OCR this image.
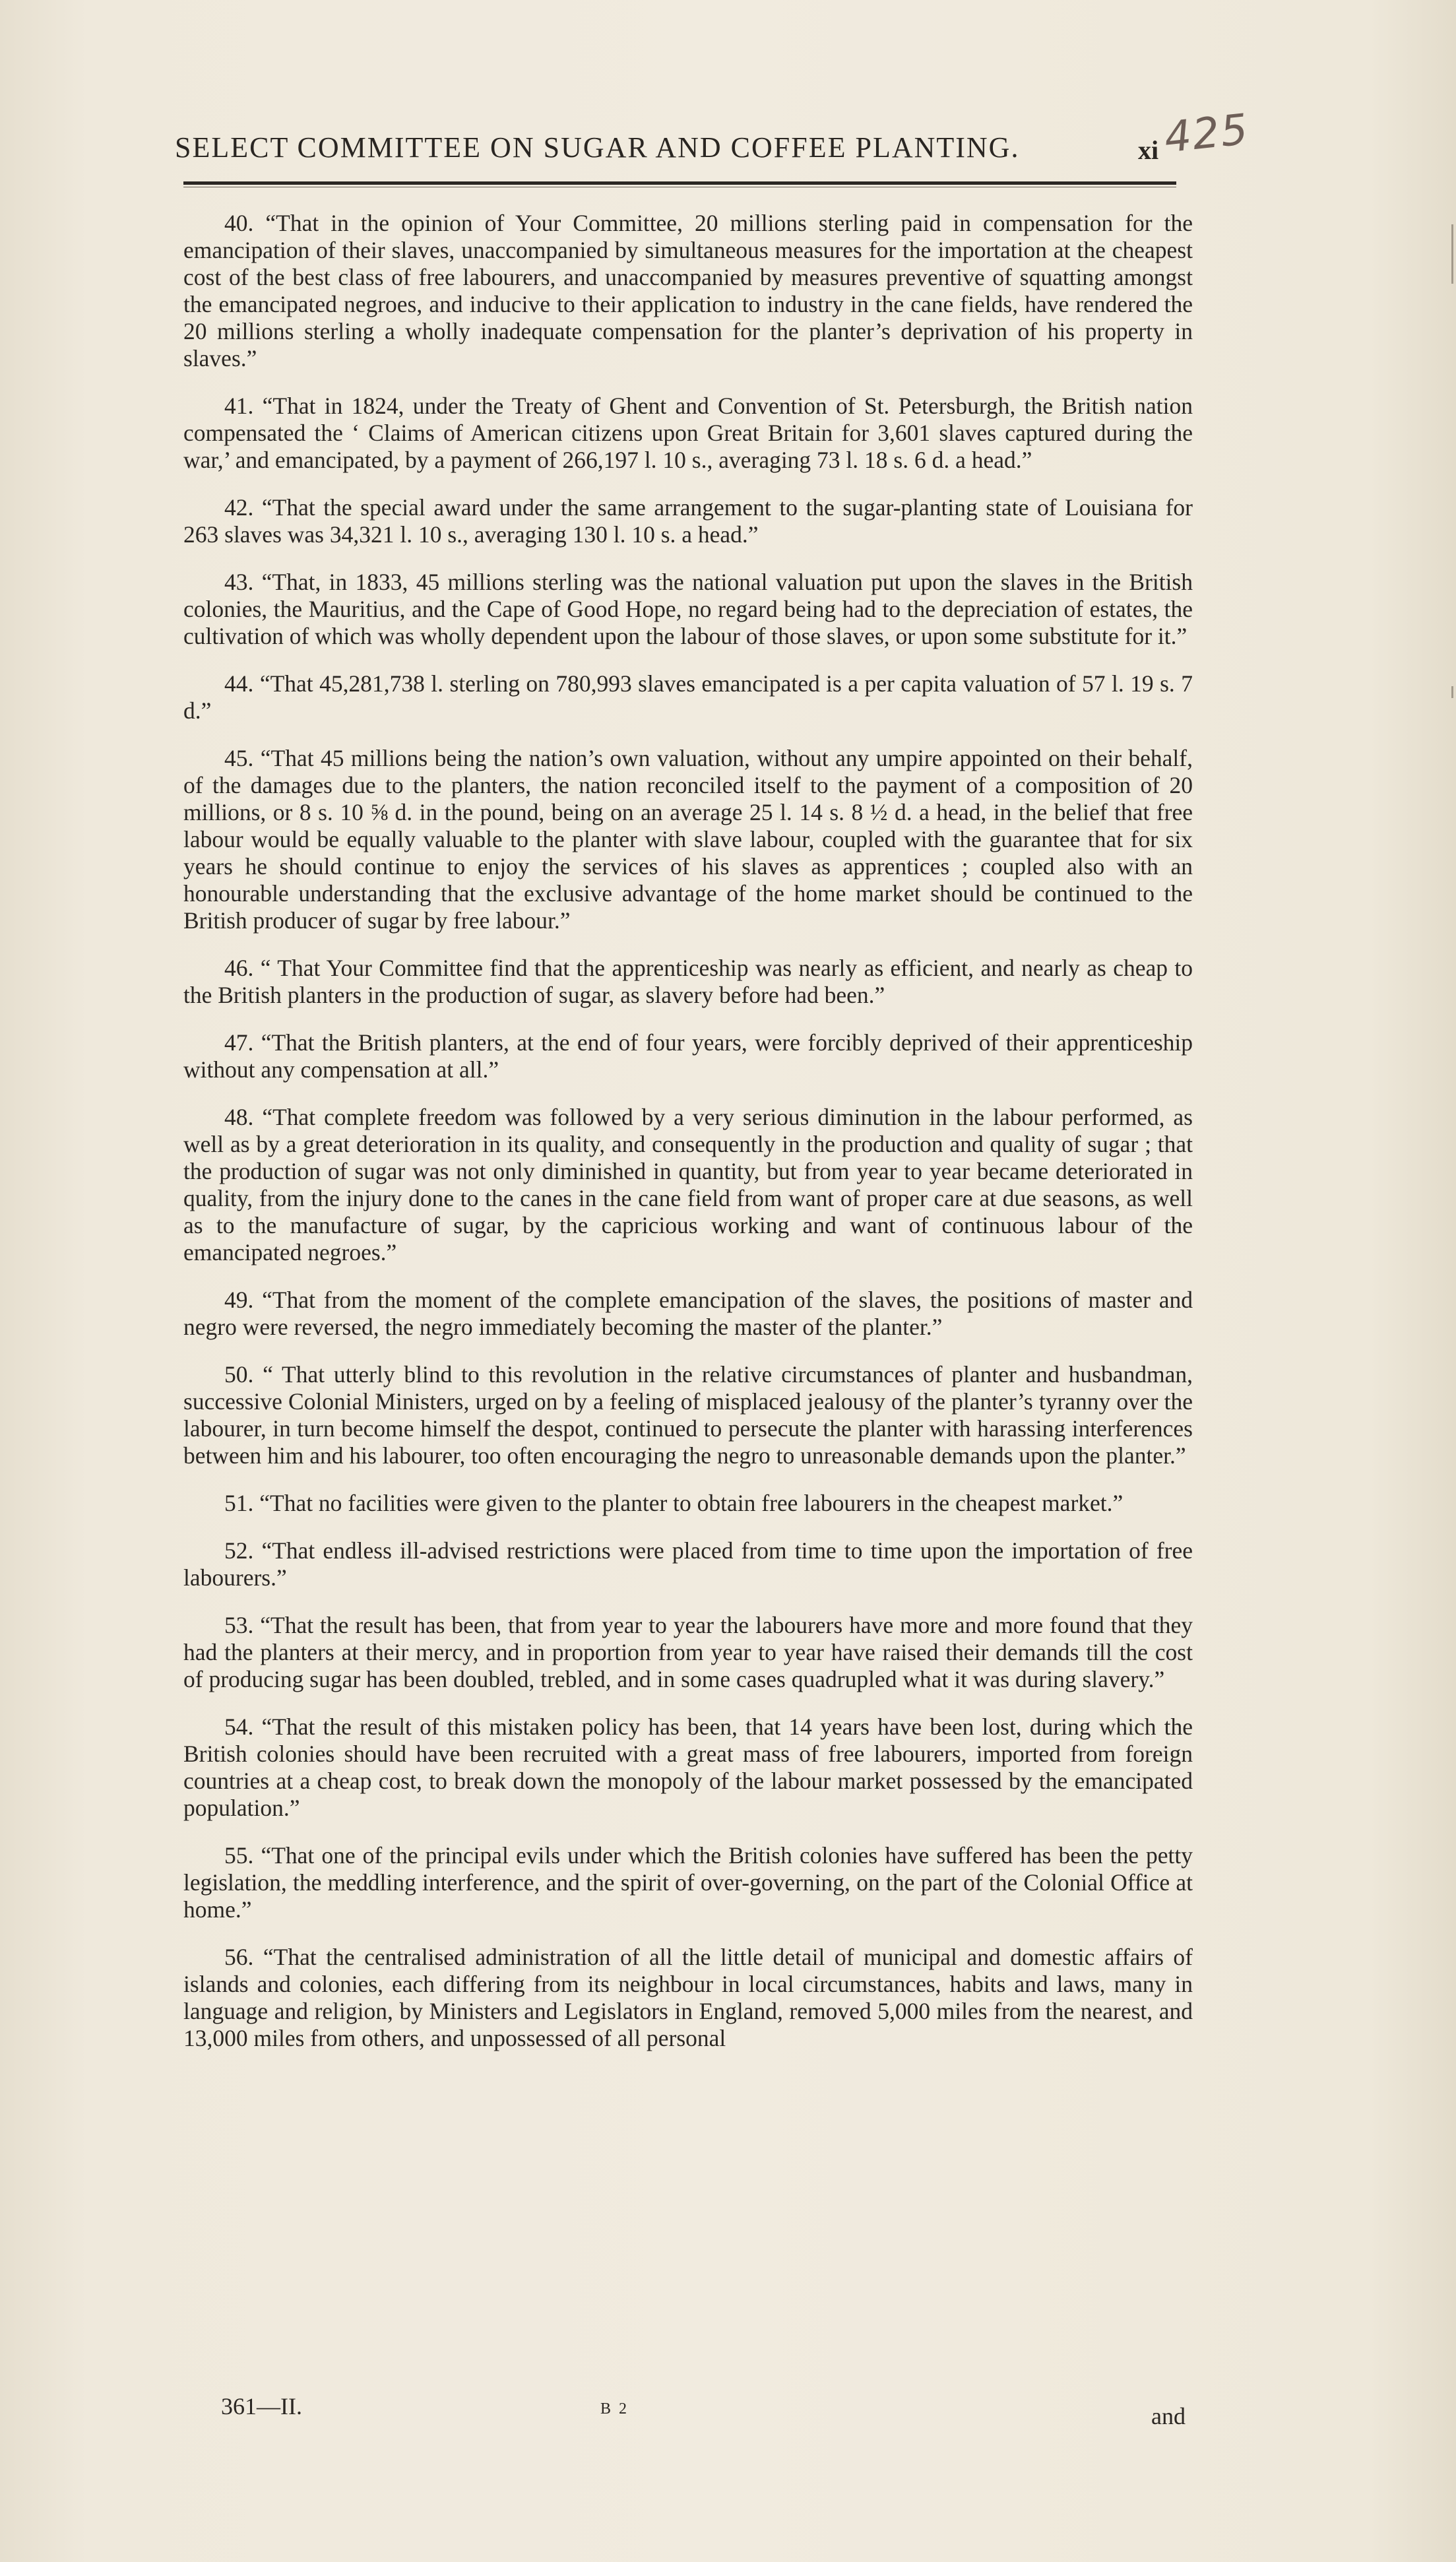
SELECT COMMITTEE ON SUGAR AND COFFEE PLANTING.	xi 425

40. “That in the opinion of Your Committee, 20 millions sterling paid in compensation for the emancipation of their slaves, unaccompanied by simultaneous measures for the importation at the cheapest cost of the best class of free labourers, and unaccompanied by measures preventive of squatting amongst the emancipated negroes, and inducive to their application to industry in the cane fields, have rendered the 20 millions sterling a wholly inadequate compensation for the planter’s deprivation of his property in slaves.”

41. “That in 1824, under the Treaty of Ghent and Convention of St. Petersburgh, the British nation compensated the ‘ Claims of American citizens upon Great Britain for 3,601 slaves captured during the war,’ and emancipated, by a payment of 266,197 l. 10 s., averaging 73 l. 18 s. 6 d. a head.”

42. “That the special award under the same arrangement to the sugar-planting state of Louisiana for 263 slaves was 34,321 l. 10 s., averaging 130 l. 10 s. a head.”

43. “That, in 1833, 45 millions sterling was the national valuation put upon the slaves in the British colonies, the Mauritius, and the Cape of Good Hope, no regard being had to the depreciation of estates, the cultivation of which was wholly dependent upon the labour of those slaves, or upon some substitute for it.”

44. “That 45,281,738 l. sterling on 780,993 slaves emancipated is a per capita valuation of 57 l. 19 s. 7 d.”

45. “That 45 millions being the nation’s own valuation, without any umpire appointed on their behalf, of the damages due to the planters, the nation reconciled itself to the payment of a composition of 20 millions, or 8 s. 10 ⅝ d. in the pound, being on an average 25 l. 14 s. 8 ½ d. a head, in the belief that free labour would be equally valuable to the planter with slave labour, coupled with the guarantee that for six years he should continue to enjoy the services of his slaves as apprentices ; coupled also with an honourable understanding that the exclusive advantage of the home market should be continued to the British producer of sugar by free labour.”

46. “ That Your Committee find that the apprenticeship was nearly as efficient, and nearly as cheap to the British planters in the production of sugar, as slavery before had been.”

47. “That the British planters, at the end of four years, were forcibly deprived of their apprenticeship without any compensation at all.”

48. “That complete freedom was followed by a very serious diminution in the labour performed, as well as by a great deterioration in its quality, and consequently in the production and quality of sugar ; that the production of sugar was not only diminished in quantity, but from year to year became deteriorated in quality, from the injury done to the canes in the cane field from want of proper care at due seasons, as well as to the manufacture of sugar, by the capricious working and want of continuous labour of the emancipated negroes.”

49. “That from the moment of the complete emancipation of the slaves, the positions of master and negro were reversed, the negro immediately becoming the master of the planter.”

50. “ That utterly blind to this revolution in the relative circumstances of planter and husbandman, successive Colonial Ministers, urged on by a feeling of misplaced jealousy of the planter’s tyranny over the labourer, in turn become himself the despot, continued to persecute the planter with harassing interferences between him and his labourer, too often encouraging the negro to unreasonable demands upon the planter.”

51. “That no facilities were given to the planter to obtain free labourers in the cheapest market.”

52. “That endless ill-advised restrictions were placed from time to time upon the importation of free labourers.”

53. “That the result has been, that from year to year the labourers have more and more found that they had the planters at their mercy, and in proportion from year to year have raised their demands till the cost of producing sugar has been doubled, trebled, and in some cases quadrupled what it was during slavery.”

54. “That the result of this mistaken policy has been, that 14 years have been lost, during which the British colonies should have been recruited with a great mass of free labourers, imported from foreign countries at a cheap cost, to break down the monopoly of the labour market possessed by the emancipated population.”

55. “That one of the principal evils under which the British colonies have suffered has been the petty legislation, the meddling interference, and the spirit of over-governing, on the part of the Colonial Office at home.”

56. “That the centralised administration of all the little detail of municipal and domestic affairs of islands and colonies, each differing from its neighbour in local circumstances, habits and laws, many in language and religion, by Ministers and Legislators in England, removed 5,000 miles from the nearest, and 13,000 miles from others, and unpossessed of all personal

361—II.	B 2	and
